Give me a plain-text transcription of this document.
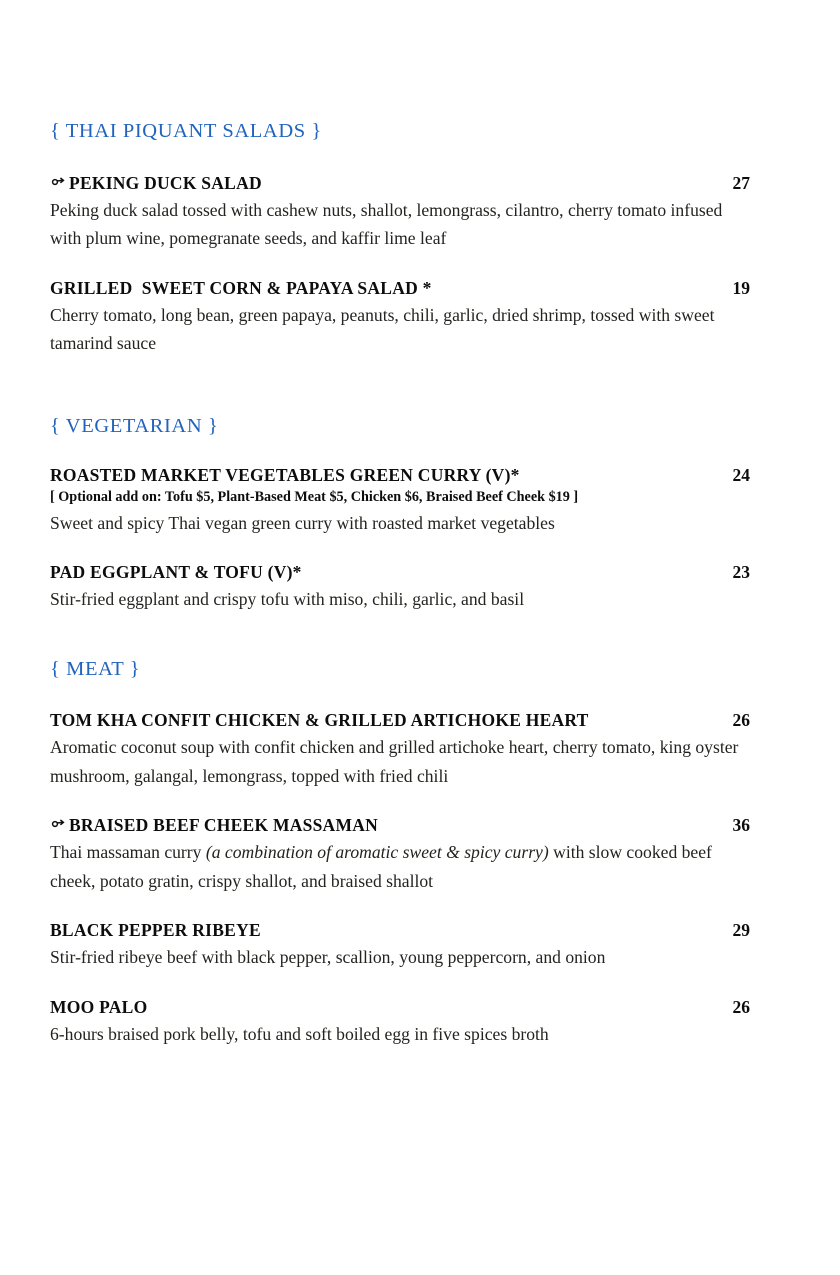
{ THAI PIQUANT SALADS }
PEKING DUCK SALAD	27
Peking duck salad tossed with cashew nuts, shallot, lemongrass, cilantro, cherry tomato infused with plum wine, pomegranate seeds, and kaffir lime leaf
GRILLED  SWEET CORN & PAPAYA SALAD *	19
Cherry tomato, long bean, green papaya, peanuts, chili, garlic, dried shrimp, tossed with sweet tamarind sauce
{ VEGETARIAN }
ROASTED MARKET VEGETABLES GREEN CURRY (V)*	24
[ Optional add on: Tofu $5, Plant-Based Meat $5, Chicken $6, Braised Beef Cheek $19 ]
Sweet and spicy Thai vegan green curry with roasted market vegetables
PAD EGGPLANT & TOFU (V)*	23
Stir-fried eggplant and crispy tofu with miso, chili, garlic, and basil
{ MEAT }
TOM KHA CONFIT CHICKEN & GRILLED ARTICHOKE HEART	26
Aromatic coconut soup with confit chicken and grilled artichoke heart, cherry tomato, king oyster mushroom, galangal, lemongrass, topped with fried chili
BRAISED BEEF CHEEK MASSAMAN	36
Thai massaman curry (a combination of aromatic sweet & spicy curry) with slow cooked beef cheek, potato gratin, crispy shallot, and braised shallot
BLACK PEPPER RIBEYE	29
Stir-fried ribeye beef with black pepper, scallion, young peppercorn, and onion
MOO PALO	26
6-hours braised pork belly, tofu and soft boiled egg in five spices broth
